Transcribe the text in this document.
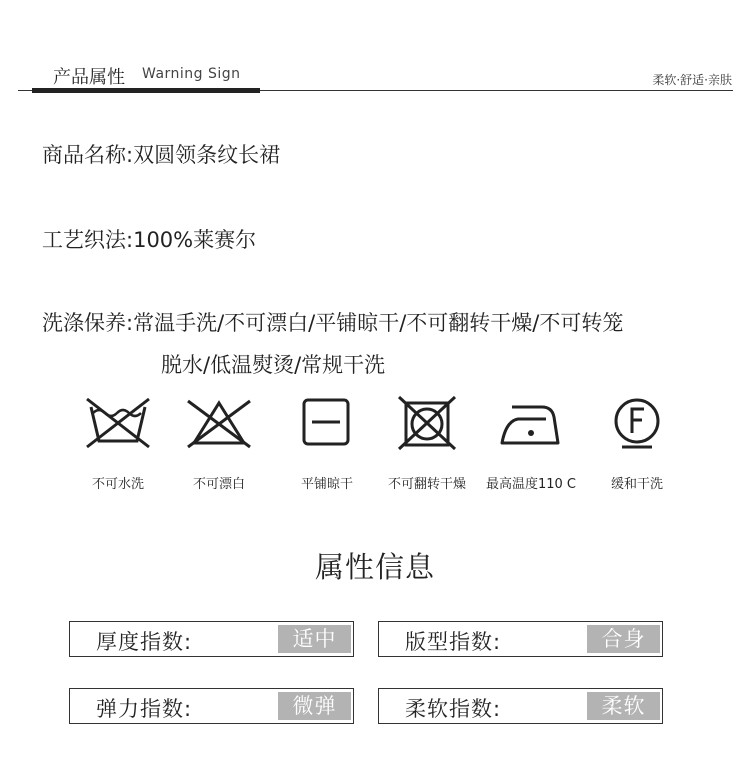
产品属性 Warning Sign	柔软·舒适·亲肤
商品名称:双圆领条纹长裙
工艺织法:100%莱赛尔
洗涤保养:常温手洗/不可漂白/平铺晾干/不可翻转干燥/不可转笼
脱水/低温熨烫/常规干洗
不可水洗	不可漂白	平铺晾干	不可翻转干燥	最高温度110 C	缓和干洗
属性信息
厚度指数:	适中	版型指数:	合身
弹力指数:	微弹	柔软指数:	柔软
